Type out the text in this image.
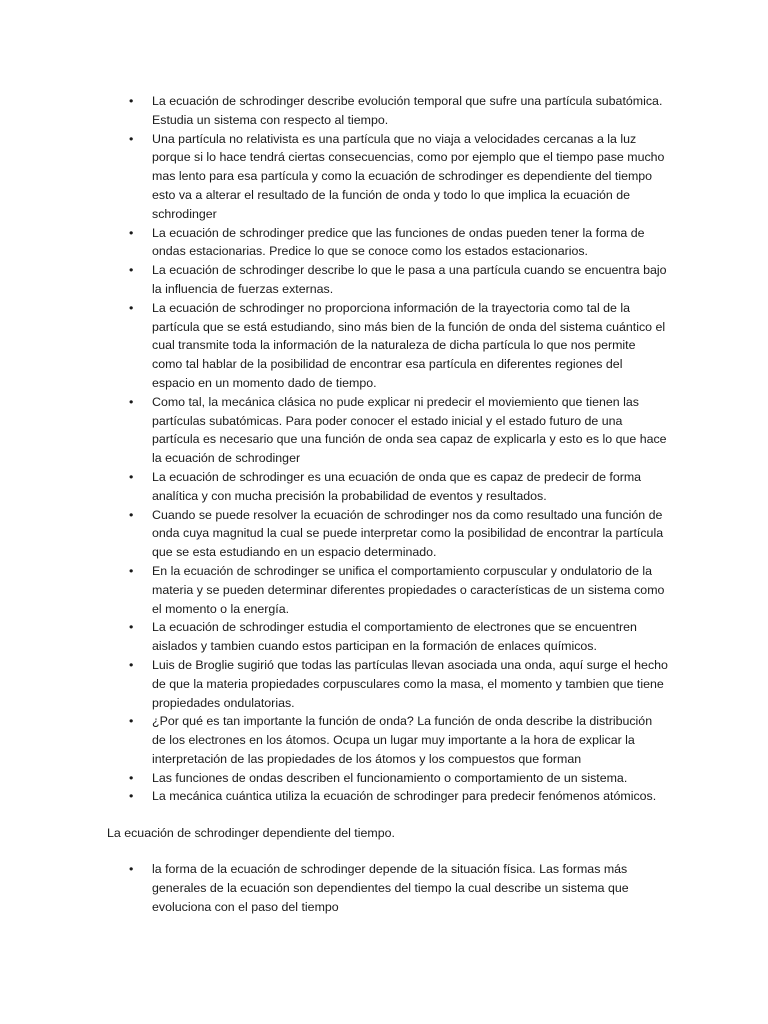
• La ecuación de schrodinger describe evolución temporal que sufre una partícula subatómica. Estudia un sistema con respecto al tiempo.
• Una partícula no relativista es una partícula que no viaja a velocidades cercanas a la luz porque si lo hace tendrá ciertas consecuencias, como por ejemplo que el tiempo pase mucho mas lento para esa partícula y como la ecuación de schrodinger es dependiente del tiempo esto va a alterar el resultado de la función de onda y todo lo que implica la ecuación de schrodinger
• La ecuación de schrodinger predice que las funciones de ondas pueden tener la forma de ondas estacionarias. Predice lo que se conoce como los estados estacionarios.
• La ecuación de schrodinger describe lo que le pasa a una partícula cuando se encuentra bajo la influencia de fuerzas externas.
• La ecuación de schrodinger no proporciona información de la trayectoria como tal de la partícula que se está estudiando, sino más bien de la función de onda del sistema cuántico el cual transmite toda la información de la naturaleza de dicha partícula lo que nos permite como tal hablar de la posibilidad de encontrar esa partícula en diferentes regiones del espacio en un momento dado de tiempo.
• Como tal, la mecánica clásica no pude explicar ni predecir el moviemiento que tienen las partículas subatómicas. Para poder conocer el estado inicial y el estado futuro de una partícula es necesario que una función de onda sea capaz de explicarla y esto es lo que hace la ecuación de schrodinger
• La ecuación de schrodinger es una ecuación de onda que es capaz de predecir de forma analítica y con mucha precisión la probabilidad de eventos y resultados.
• Cuando se puede resolver la ecuación de schrodinger nos da como resultado una función de onda cuya magnitud la cual se puede interpretar como la posibilidad de encontrar la partícula que se esta estudiando en un espacio determinado.
• En la ecuación de schrodinger se unifica el comportamiento corpuscular y ondulatorio de la materia y se pueden determinar diferentes propiedades o características de un sistema como el momento o la energía.
• La ecuación de schrodinger estudia el comportamiento de electrones que se encuentren aislados y tambien cuando estos participan en la formación de enlaces químicos.
• Luis de Broglie sugirió que todas las partículas llevan asociada una onda, aquí surge el hecho de que la materia propiedades corpusculares como la masa, el momento y tambien que tiene propiedades ondulatorias.
• ¿Por qué es tan importante la función de onda? La función de onda describe la distribución de los electrones en los átomos. Ocupa un lugar muy importante a la hora de explicar la interpretación de las propiedades de los átomos y los compuestos que forman
• Las funciones de ondas describen el funcionamiento o comportamiento de un sistema.
• La mecánica cuántica utiliza la ecuación de schrodinger para predecir fenómenos atómicos.

La ecuación de schrodinger dependiente del tiempo.

• la forma de la ecuación de schrodinger depende de la situación física. Las formas más generales de la ecuación son dependientes del tiempo la cual describe un sistema que evoluciona con el paso del tiempo
